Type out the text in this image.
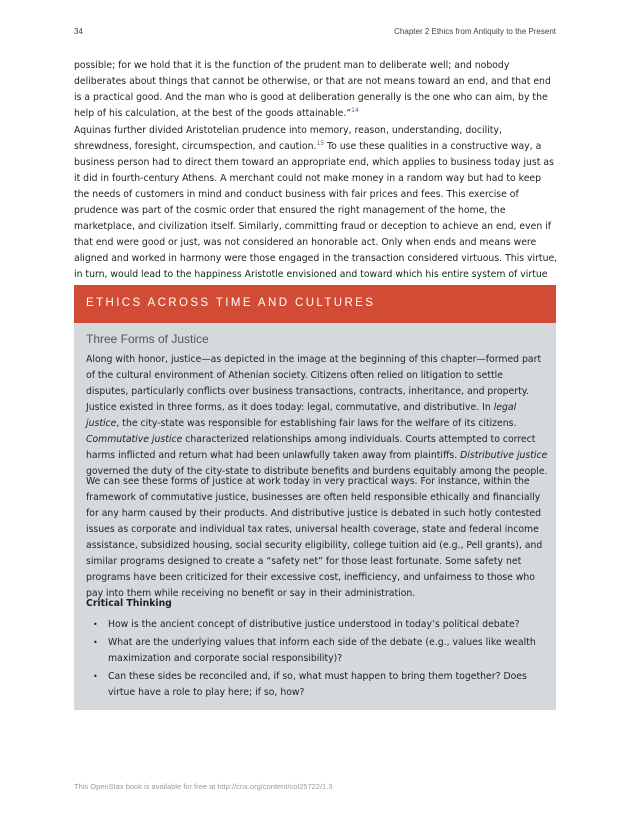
34	Chapter 2 Ethics from Antiquity to the Present

possible; for we hold that it is the function of the prudent man to deliberate well; and nobody deliberates about things that cannot be otherwise, or that are not means toward an end, and that end is a practical good. And the man who is good at deliberation generally is the one who can aim, by the help of his calculation, at the best of the goods attainable.”$^{14}$

Aquinas further divided Aristotelian prudence into memory, reason, understanding, docility, shrewdness, foresight, circumspection, and caution.$^{15}$ To use these qualities in a constructive way, a business person had to direct them toward an appropriate end, which applies to business today just as it did in fourth-century Athens. A merchant could not make money in a random way but had to keep the needs of customers in mind and conduct business with fair prices and fees. This exercise of prudence was part of the cosmic order that ensured the right management of the home, the marketplace, and civilization itself. Similarly, committing fraud or deception to achieve an end, even if that end were good or just, was not considered an honorable act. Only when ends and means were aligned and worked in harmony were those engaged in the transaction considered virtuous. This virtue, in turn, would lead to the happiness Aristotle envisioned and toward which his entire system of virtue

ETHICS ACROSS TIME AND CULTURES
Three Forms of Justice

Along with honor, justice—as depicted in the image at the beginning of this chapter—formed part of the cultural environment of Athenian society. Citizens often relied on litigation to settle disputes, particularly conflicts over business transactions, contracts, inheritance, and property. Justice existed in three forms, as it does today: legal, commutative, and distributive. In legal justice, the city-state was responsible for establishing fair laws for the welfare of its citizens. Commutative justice characterized relationships among individuals. Courts attempted to correct harms inflicted and return what had been unlawfully taken away from plaintiffs. Distributive justice governed the duty of the city-state to distribute benefits and burdens equitably among the people.

We can see these forms of justice at work today in very practical ways. For instance, within the framework of commutative justice, businesses are often held responsible ethically and financially for any harm caused by their products. And distributive justice is debated in such hotly contested issues as corporate and individual tax rates, universal health coverage, state and federal income assistance, subsidized housing, social security eligibility, college tuition aid (e.g., Pell grants), and similar programs designed to create a “safety net” for those least fortunate. Some safety net programs have been criticized for their excessive cost, inefficiency, and unfairness to those who pay into them while receiving no benefit or say in their administration.

Critical Thinking
• How is the ancient concept of distributive justice understood in today’s political debate?
• What are the underlying values that inform each side of the debate (e.g., values like wealth maximization and corporate social responsibility)?
• Can these sides be reconciled and, if so, what must happen to bring them together? Does virtue have a role to play here; if so, how?
This OpenStax book is available for free at http://cnx.org/content/col25722/1.3
